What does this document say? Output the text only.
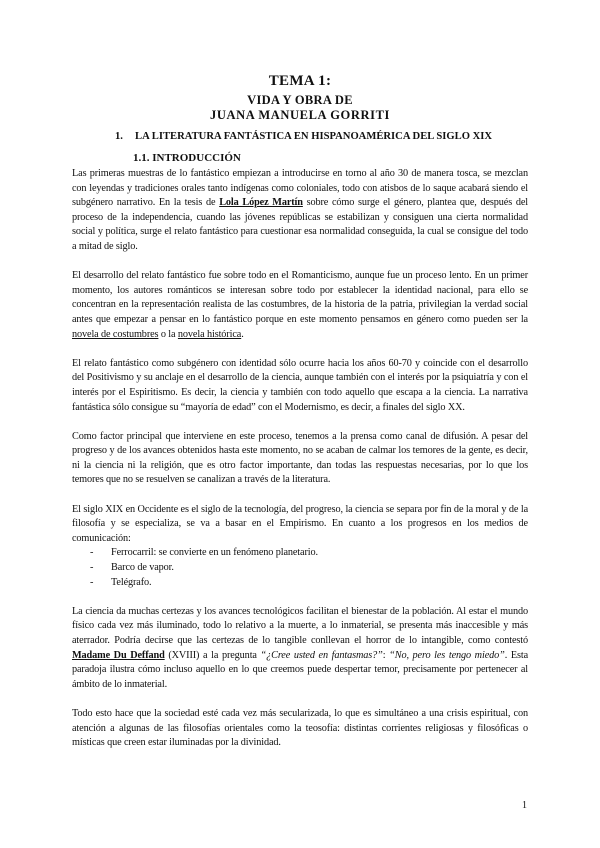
TEMA 1:
VIDA Y OBRA DE
JUANA MANUELA GORRITI
1. LA LITERATURA FANTÁSTICA EN HISPANOAMÉRICA DEL SIGLO XIX
1.1. INTRODUCCIÓN

Las primeras muestras de lo fantástico empiezan a introducirse en torno al año 30 de manera tosca, se mezclan con leyendas y tradiciones orales tanto indígenas como coloniales, todo con atisbos de lo saque acabará siendo el subgénero narrativo. En la tesis de Lola López Martín sobre cómo surge el género, plantea que, después del proceso de la independencia, cuando las jóvenes repúblicas se estabilizan y consiguen una cierta normalidad social y política, surge el relato fantástico para cuestionar esa normalidad conseguida, la cual se consigue del todo a mitad de siglo.

El desarrollo del relato fantástico fue sobre todo en el Romanticismo, aunque fue un proceso lento. En un primer momento, los autores románticos se interesan sobre todo por establecer la identidad nacional, para ello se concentran en la representación realista de las costumbres, de la historia de la patria, privilegian la verdad social antes que empezar a pensar en lo fantástico porque en este momento pensamos en género como pueden ser la novela de costumbres o la novela histórica.

El relato fantástico como subgénero con identidad sólo ocurre hacia los años 60-70 y coincide con el desarrollo del Positivismo y su anclaje en el desarrollo de la ciencia, aunque también con el interés por la psiquiatría y con el interés por el Espiritismo. Es decir, la ciencia y también con todo aquello que escapa a la ciencia. La narrativa fantástica sólo consigue su “mayoría de edad” con el Modernismo, es decir, a finales del siglo XX.

Como factor principal que interviene en este proceso, tenemos a la prensa como canal de difusión. A pesar del progreso y de los avances obtenidos hasta este momento, no se acaban de calmar los temores de la gente, es decir, ni la ciencia ni la religión, que es otro factor importante, dan todas las respuestas necesarias, por lo que los temores que no se resuelven se canalizan a través de la literatura.

El siglo XIX en Occidente es el siglo de la tecnología, del progreso, la ciencia se separa por fin de la moral y de la filosofía y se especializa, se va a basar en el Empirismo. En cuanto a los progresos en los medios de comunicación:

- Ferrocarril: se convierte en un fenómeno planetario.
- Barco de vapor.
- Telégrafo.

La ciencia da muchas certezas y los avances tecnológicos facilitan el bienestar de la población. Al estar el mundo físico cada vez más iluminado, todo lo relativo a la muerte, a lo inmaterial, se presenta más inaccesible y más aterrador. Podría decirse que las certezas de lo tangible conllevan el horror de lo intangible, como contestó Madame Du Deffand (XVIII) a la pregunta “¿Cree usted en fantasmas?”: “No, pero les tengo miedo”. Esta paradoja ilustra cómo incluso aquello en lo que creemos puede despertar temor, precisamente por pertenecer al ámbito de lo inmaterial.

Todo esto hace que la sociedad esté cada vez más secularizada, lo que es simultáneo a una crisis espiritual, con atención a algunas de las filosofías orientales como la teosofía: distintas corrientes religiosas y filosóficas o místicas que creen estar iluminadas por la divinidad.

1
